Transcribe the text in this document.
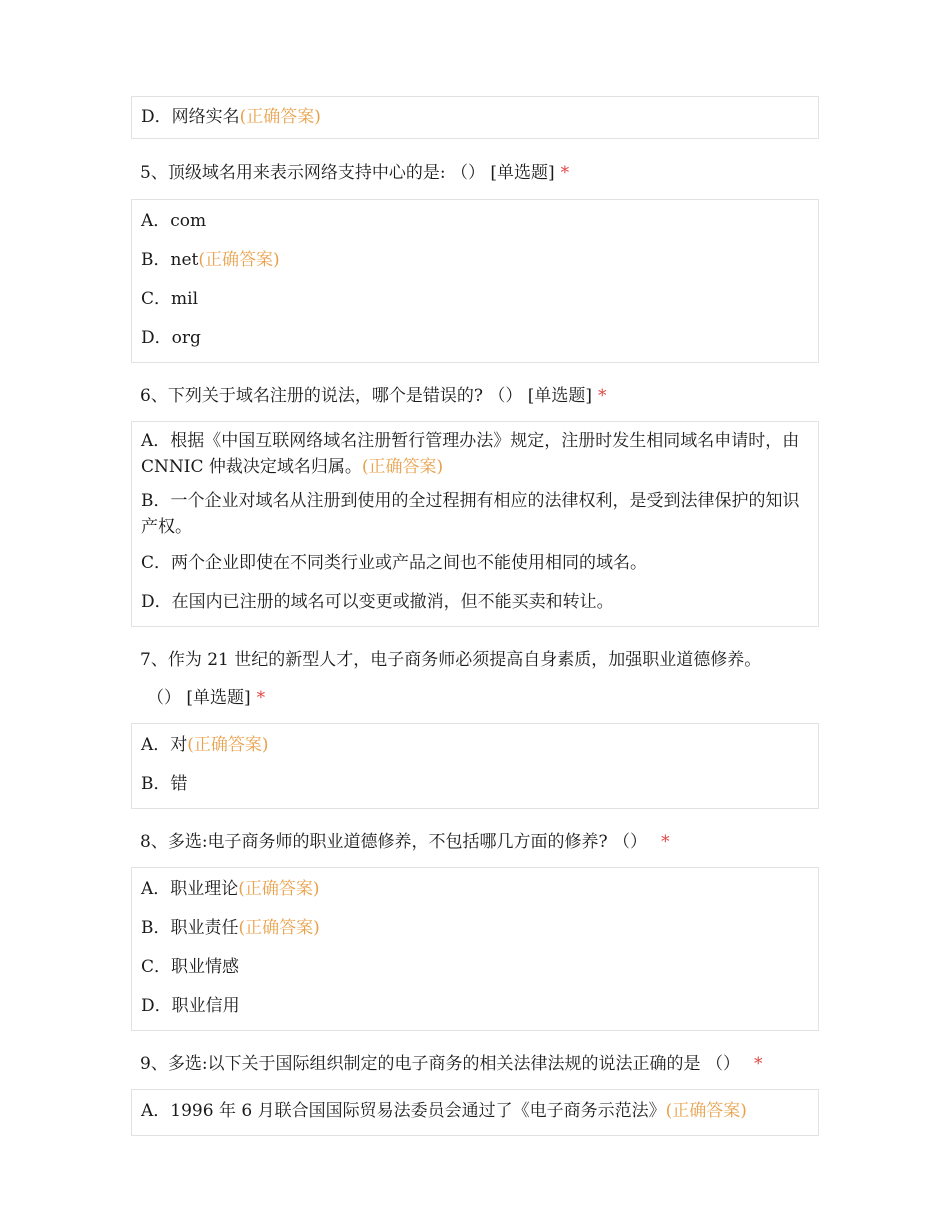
D．网络实名(正确答案)
5、顶级域名用来表示网络支持中心的是: （） [单选题] *
A．com
B．net(正确答案)
C．mil
D．org
6、下列关于域名注册的说法，哪个是错误的? （） [单选题] *
A．根据《中国互联网络域名注册暂行管理办法》规定，注册时发生相同域名申请时，由 CNNIC 仲裁决定域名归属。(正确答案)
B．一个企业对域名从注册到使用的全过程拥有相应的法律权利，是受到法律保护的知识产权。
C．两个企业即使在不同类行业或产品之间也不能使用相同的域名。
D．在国内已注册的域名可以变更或撤消，但不能买卖和转让。
7、作为 21 世纪的新型人才，电子商务师必须提高自身素质，加强职业道德修养。
（） [单选题] *
A．对(正确答案)
B．错
8、多选:电子商务师的职业道德修养，不包括哪几方面的修养? （） *
A．职业理论(正确答案)
B．职业责任(正确答案)
C．职业情感
D．职业信用
9、多选:以下关于国际组织制定的电子商务的相关法律法规的说法正确的是 （） *
A．1996 年 6 月联合国国际贸易法委员会通过了《电子商务示范法》(正确答案)
